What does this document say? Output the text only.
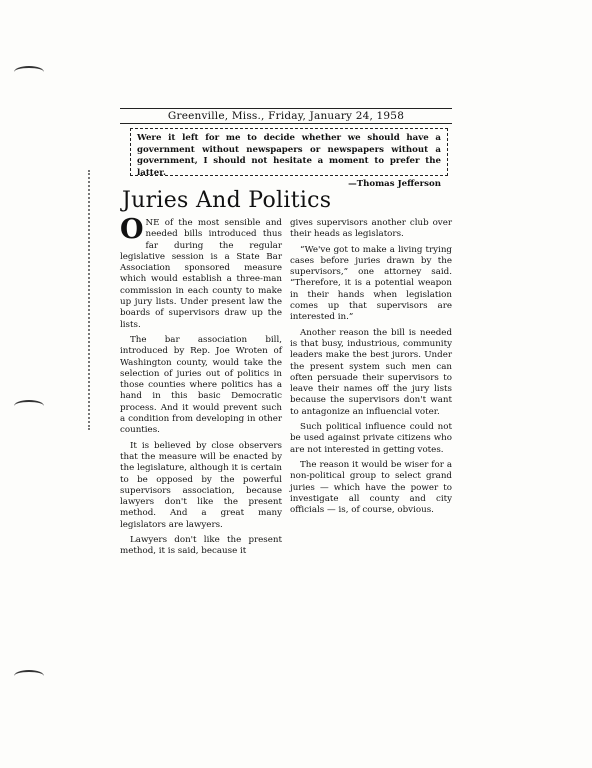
Greenville, Miss., Friday, January 24, 1958
Were it left for me to decide whether we should have a government without newspapers or newspapers without a government, I should not hesitate a moment to prefer the latter.
—Thomas Jefferson
Juries And Politics

ONE of the most sensible and needed bills introduced thus far during the regular legislative session is a State Bar Association sponsored measure which would establish a three-man commission in each county to make up jury lists. Under present law the boards of supervisors draw up the lists.

The bar association bill, introduced by Rep. Joe Wroten of Washington county, would take the selection of juries out of politics in those counties where politics has a hand in this basic Democratic process. And it would prevent such a condition from developing in other counties.

It is believed by close observers that the measure will be enacted by the legislature, although it is certain to be opposed by the powerful supervisors association, because lawyers don't like the present method. And a great many legislators are lawyers.

Lawyers don't like the present method, it is said, because it

gives supervisors another club over their heads as legislators.

“We've got to make a living trying cases before juries drawn by the supervisors,” one attorney said. “Therefore, it is a potential weapon in their hands when legislation comes up that supervisors are interested in.”

Another reason the bill is needed is that busy, industrious, community leaders make the best jurors. Under the present system such men can often persuade their supervisors to leave their names off the jury lists because the supervisors don't want to antagonize an influencial voter.

Such political influence could not be used against private citizens who are not interested in getting votes.

The reason it would be wiser for a non-political group to select grand juries — which have the power to investigate all county and city officials — is, of course, obvious.
